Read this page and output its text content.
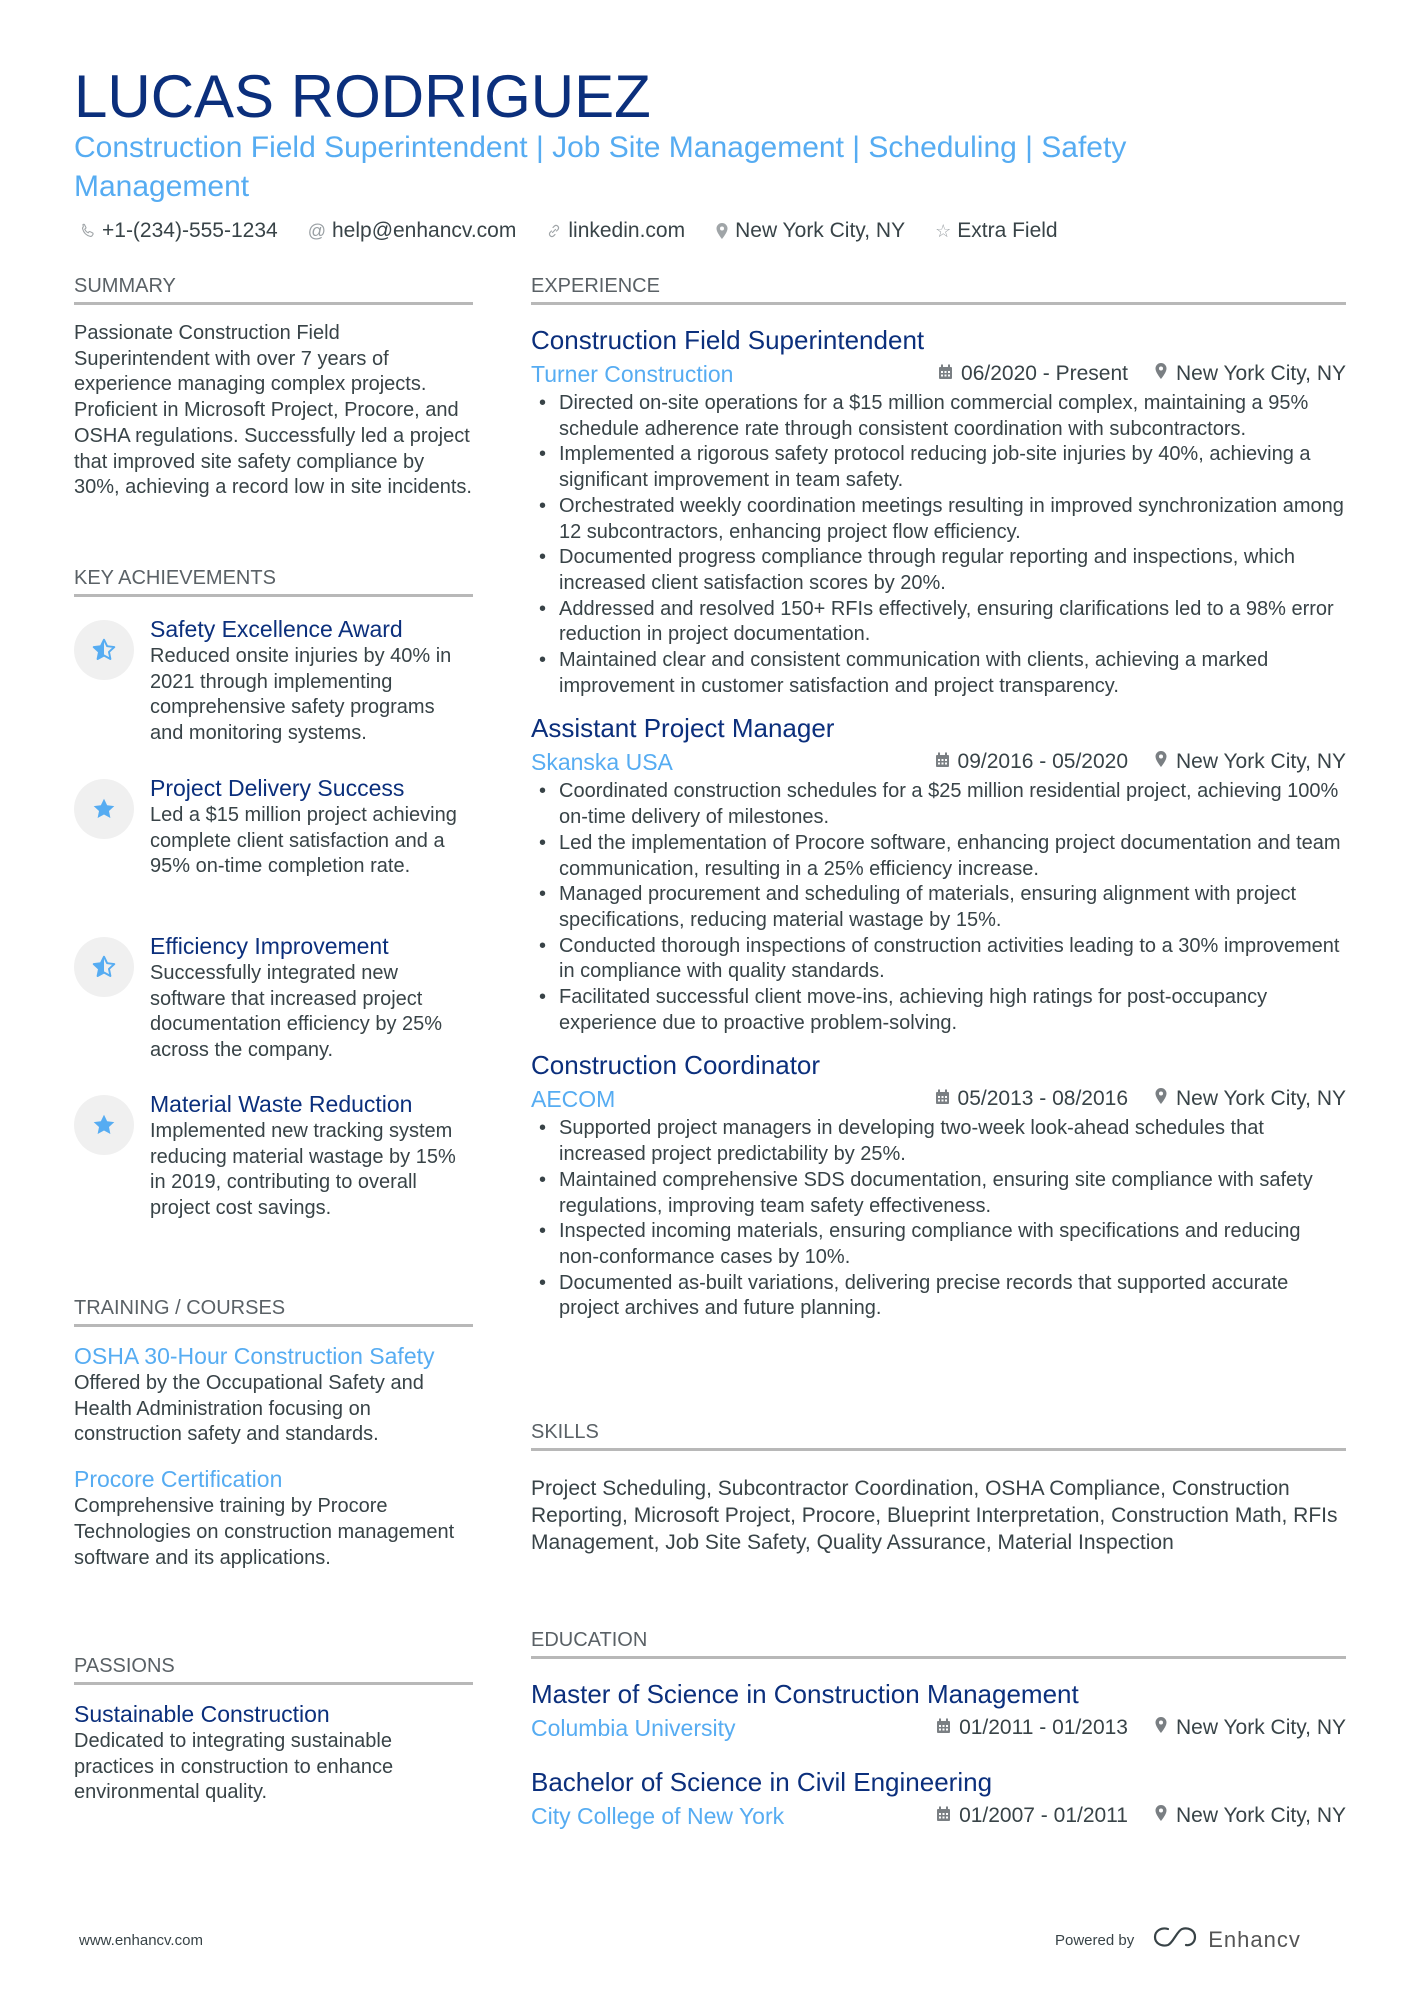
LUCAS RODRIGUEZ
Construction Field Superintendent | Job Site Management | Scheduling | Safety Management
+1-(234)-555-1234 @ help@enhancv.com linkedin.com New York City, NY ☆ Extra Field
SUMMARY
Passionate Construction Field Superintendent with over 7 years of experience managing complex projects. Proficient in Microsoft Project, Procore, and OSHA regulations. Successfully led a project that improved site safety compliance by 30%, achieving a record low in site incidents.
KEY ACHIEVEMENTS
Safety Excellence Award
Reduced onsite injuries by 40% in 2021 through implementing comprehensive safety programs and monitoring systems.
Project Delivery Success
Led a $15 million project achieving complete client satisfaction and a 95% on-time completion rate.
Efficiency Improvement
Successfully integrated new software that increased project documentation efficiency by 25% across the company.
Material Waste Reduction
Implemented new tracking system reducing material wastage by 15% in 2019, contributing to overall project cost savings.
TRAINING / COURSES
OSHA 30-Hour Construction Safety
Offered by the Occupational Safety and Health Administration focusing on construction safety and standards.
Procore Certification
Comprehensive training by Procore Technologies on construction management software and its applications.
PASSIONS
Sustainable Construction
Dedicated to integrating sustainable practices in construction to enhance environmental quality.
EXPERIENCE
Construction Field Superintendent
Turner Construction	06/2020 - Present New York City, NY
• Directed on-site operations for a $15 million commercial complex, maintaining a 95% schedule adherence rate through consistent coordination with subcontractors.
• Implemented a rigorous safety protocol reducing job-site injuries by 40%, achieving a significant improvement in team safety.
• Orchestrated weekly coordination meetings resulting in improved synchronization among 12 subcontractors, enhancing project flow efficiency.
• Documented progress compliance through regular reporting and inspections, which increased client satisfaction scores by 20%.
• Addressed and resolved 150+ RFIs effectively, ensuring clarifications led to a 98% error reduction in project documentation.
• Maintained clear and consistent communication with clients, achieving a marked improvement in customer satisfaction and project transparency.
Assistant Project Manager
Skanska USA	09/2016 - 05/2020 New York City, NY
• Coordinated construction schedules for a $25 million residential project, achieving 100% on-time delivery of milestones.
• Led the implementation of Procore software, enhancing project documentation and team communication, resulting in a 25% efficiency increase.
• Managed procurement and scheduling of materials, ensuring alignment with project specifications, reducing material wastage by 15%.
• Conducted thorough inspections of construction activities leading to a 30% improvement in compliance with quality standards.
• Facilitated successful client move-ins, achieving high ratings for post-occupancy experience due to proactive problem-solving.
Construction Coordinator
AECOM	05/2013 - 08/2016 New York City, NY
• Supported project managers in developing two-week look-ahead schedules that increased project predictability by 25%.
• Maintained comprehensive SDS documentation, ensuring site compliance with safety regulations, improving team safety effectiveness.
• Inspected incoming materials, ensuring compliance with specifications and reducing non-conformance cases by 10%.
• Documented as-built variations, delivering precise records that supported accurate project archives and future planning.
SKILLS
Project Scheduling, Subcontractor Coordination, OSHA Compliance, Construction Reporting, Microsoft Project, Procore, Blueprint Interpretation, Construction Math, RFIs Management, Job Site Safety, Quality Assurance, Material Inspection
EDUCATION
Master of Science in Construction Management
Columbia University	01/2011 - 01/2013 New York City, NY
Bachelor of Science in Civil Engineering
City College of New York	01/2007 - 01/2011 New York City, NY
www.enhancv.com	Powered by	Enhancv
